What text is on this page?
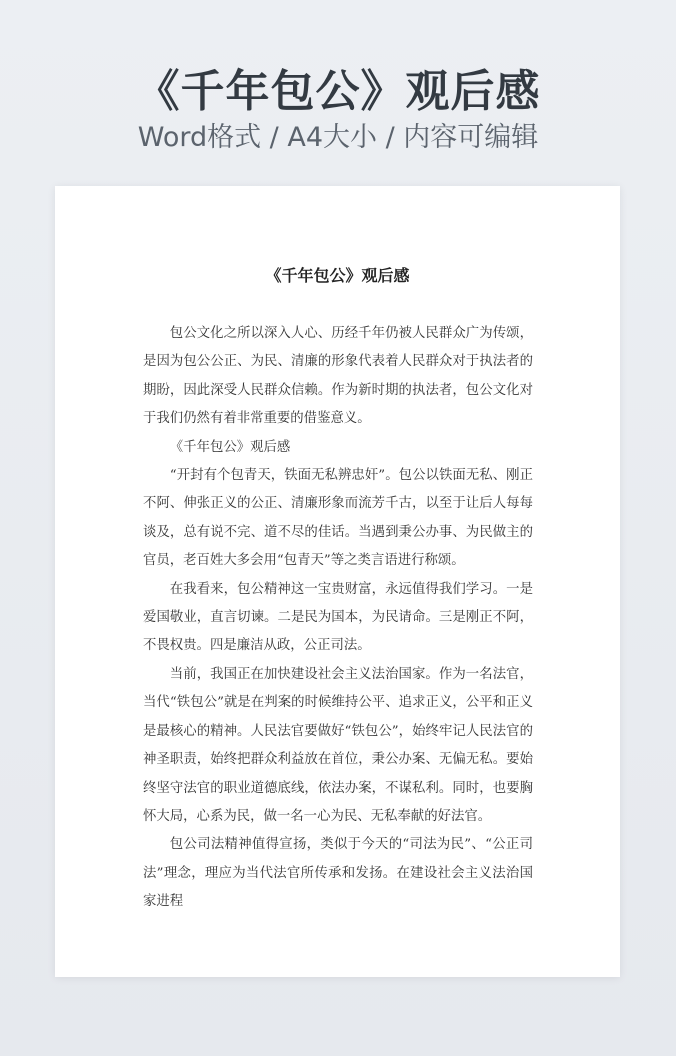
《千年包公》观后感
Word格式 / A4大小 / 内容可编辑
《千年包公》观后感

包公文化之所以深入人心、历经千年仍被人民群众广为传颂，是因为包公公正、为民、清廉的形象代表着人民群众对于执法者的期盼，因此深受人民群众信赖。作为新时期的执法者，包公文化对于我们仍然有着非常重要的借鉴意义。

《千年包公》观后感

“开封有个包青天，铁面无私辨忠奸”。包公以铁面无私、刚正不阿、伸张正义的公正、清廉形象而流芳千古，以至于让后人每每谈及，总有说不完、道不尽的佳话。当遇到秉公办事、为民做主的官员，老百姓大多会用“包青天”等之类言语进行称颂。

在我看来，包公精神这一宝贵财富，永远值得我们学习。一是爱国敬业，直言切谏。二是民为国本，为民请命。三是刚正不阿，不畏权贵。四是廉洁从政，公正司法。

当前，我国正在加快建设社会主义法治国家。作为一名法官，当代“铁包公”就是在判案的时候维持公平、追求正义，公平和正义是最核心的精神。人民法官要做好“铁包公”，始终牢记人民法官的神圣职责，始终把群众利益放在首位，秉公办案、无偏无私。要始终坚守法官的职业道德底线，依法办案，不谋私利。同时，也要胸怀大局，心系为民，做一名一心为民、无私奉献的好法官。

包公司法精神值得宣扬，类似于今天的“司法为民”、“公正司法”理念，理应为当代法官所传承和发扬。在建设社会主义法治国家进程
